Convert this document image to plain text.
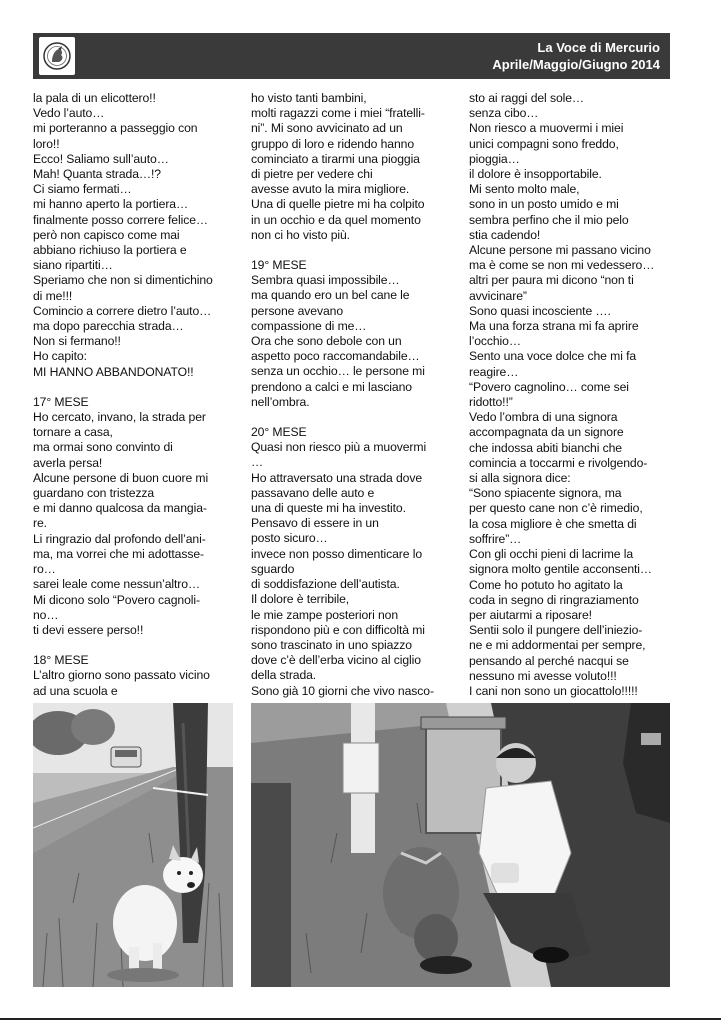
La Voce di Mercurio
Aprile/Maggio/Giugno 2014

la pala di un elicottero!!

Vedo l’auto…

mi porteranno a passeggio con

loro!!

Ecco! Saliamo sull’auto…

Mah! Quanta strada…!?

Ci siamo fermati…

mi hanno aperto la portiera…

finalmente posso correre felice…

però non capisco come mai

abbiano richiuso la portiera e

siano ripartiti…

Speriamo che non si dimentichino

di me!!!

Comincio a correre dietro l’auto…

ma dopo parecchia strada…

Non si fermano!!

Ho capito:

MI HANNO ABBANDONATO!!

17° MESE

Ho cercato, invano, la strada per

tornare a casa,

ma ormai sono convinto di

averla persa!

Alcune persone di buon cuore mi

guardano con tristezza

e mi danno qualcosa da mangia-

re.

Li ringrazio dal profondo dell’ani-

ma, ma vorrei che mi adottasse-

ro…

sarei leale come nessun’altro…

Mi dicono solo “Povero cagnoli-

no…

ti devi essere perso!!

18° MESE

L’altro giorno sono passato vicino

ad una scuola e

ho visto tanti bambini,

molti ragazzi come i miei “fratelli-

ni”. Mi sono avvicinato ad un

gruppo di loro e ridendo hanno

cominciato a tirarmi una pioggia

di pietre per vedere chi

avesse avuto la mira migliore.

Una di quelle pietre mi ha colpito

in un occhio e da quel momento

non ci ho visto più.

19° MESE

Sembra quasi impossibile…

ma quando ero un bel cane le

persone avevano

compassione di me…

Ora che sono debole con un

aspetto poco raccomandabile…

senza un occhio… le persone mi

prendono a calci e mi lasciano

nell’ombra.

20° MESE

Quasi non riesco più a muovermi

…

Ho attraversato una strada dove

passavano delle auto e

una di queste mi ha investito.

Pensavo di essere in un

posto sicuro…

invece non posso dimenticare lo

sguardo

di soddisfazione dell’autista.

Il dolore è terribile,

le mie zampe posteriori non

rispondono più e con difficoltà mi

sono trascinato in uno spiazzo

dove c’è dell’erba vicino al ciglio

della strada.

Sono già 10 giorni che vivo nasco-

sto ai raggi del sole…

senza cibo…

Non riesco a muovermi i miei

unici compagni sono freddo,

pioggia…

il dolore è insopportabile.

Mi sento molto male,

sono in un posto umido e mi

sembra perfino che il mio pelo

stia cadendo!

Alcune persone mi passano vicino

ma è come se non mi vedessero…

altri per paura mi dicono “non ti

avvicinare”

Sono quasi incosciente ….

Ma una forza strana mi fa aprire

l’occhio…

Sento una voce dolce che mi fa

reagire…

“Povero cagnolino… come sei

ridotto!!”

Vedo l’ombra di una signora

accompagnata da un signore

che indossa abiti bianchi che

comincia a toccarmi e rivolgendo-

si alla signora dice:

“Sono spiacente signora, ma

per questo cane non c’è rimedio,

la cosa migliore è che smetta di

soffrire”…

Con gli occhi pieni di lacrime la

signora molto gentile acconsenti…

Come ho potuto ho agitato la

coda in segno di ringraziamento

per aiutarmi a riposare!

Sentii solo il pungere dell’iniezio-

ne e mi addormentai per sempre,

pensando al perché nacqui se

nessuno mi avesse voluto!!!

I cani non sono un giocattolo!!!!!
